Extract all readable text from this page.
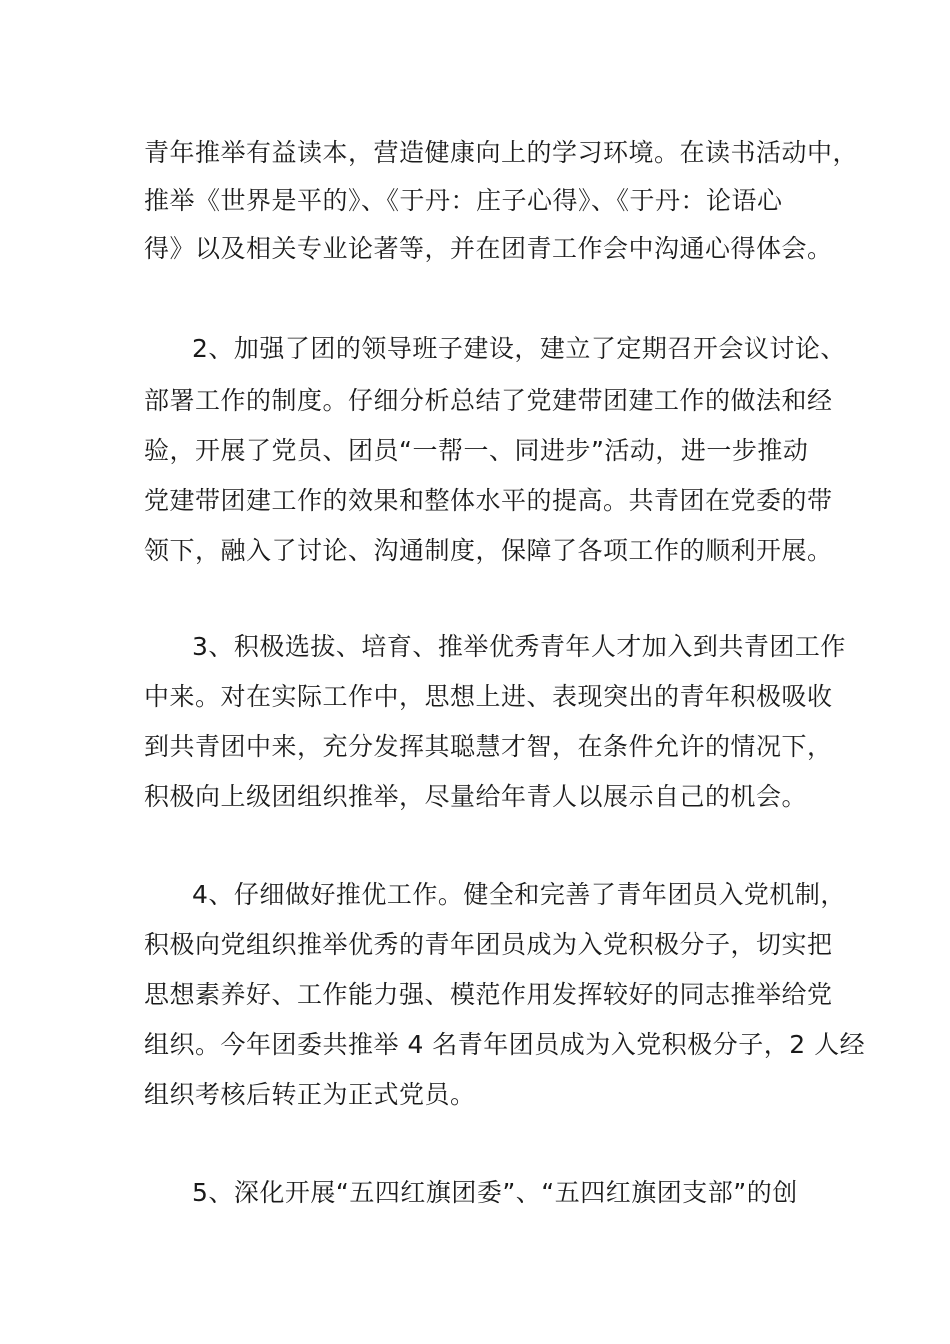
青年推举有益读本，营造健康向上的学习环境。在读书活动中，
推举《世界是平的》、《于丹：庄子心得》、《于丹：论语心
得》以及相关专业论著等，并在团青工作会中沟通心得体会。
2、加强了团的领导班子建设，建立了定期召开会议讨论、
部署工作的制度。仔细分析总结了党建带团建工作的做法和经
验，开展了党员、团员“一帮一、同进步”活动，进一步推动
党建带团建工作的效果和整体水平的提高。共青团在党委的带
领下，融入了讨论、沟通制度，保障了各项工作的顺利开展。
3、积极选拔、培育、推举优秀青年人才加入到共青团工作
中来。对在实际工作中，思想上进、表现突出的青年积极吸收
到共青团中来，充分发挥其聪慧才智，在条件允许的情况下，
积极向上级团组织推举，尽量给年青人以展示自己的机会。
4、仔细做好推优工作。健全和完善了青年团员入党机制，
积极向党组织推举优秀的青年团员成为入党积极分子，切实把
思想素养好、工作能力强、模范作用发挥较好的同志推举给党
组织。今年团委共推举 4 名青年团员成为入党积极分子，2 人经
组织考核后转正为正式党员。
5、深化开展“五四红旗团委”、“五四红旗团支部”的创
